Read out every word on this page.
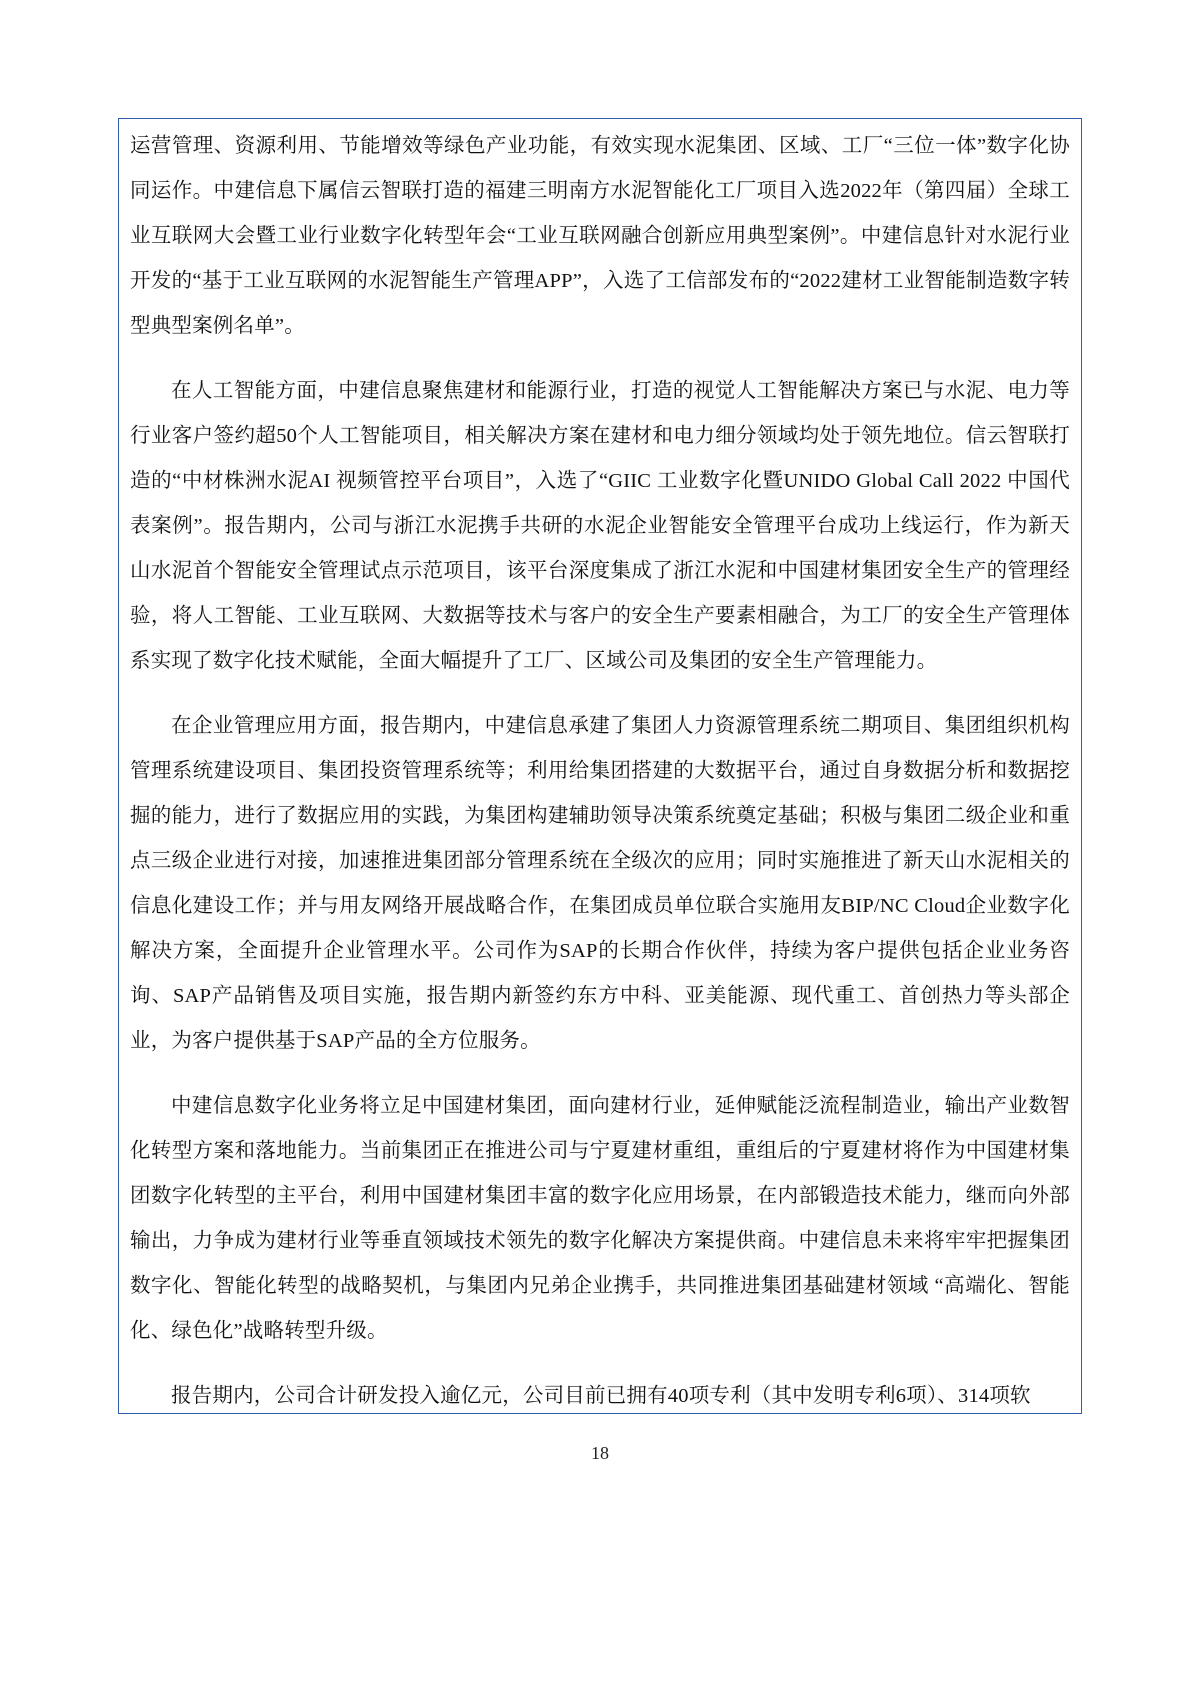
运营管理、资源利用、节能增效等绿色产业功能，有效实现水泥集团、区域、工厂“三位一体”数字化协同运作。中建信息下属信云智联打造的福建三明南方水泥智能化工厂项目入选2022年（第四届）全球工业互联网大会暨工业行业数字化转型年会“工业互联网融合创新应用典型案例”。中建信息针对水泥行业开发的“基于工业互联网的水泥智能生产管理APP”，入选了工信部发布的“2022建材工业智能制造数字转型典型案例名单”。

在人工智能方面，中建信息聚焦建材和能源行业，打造的视觉人工智能解决方案已与水泥、电力等行业客户签约超50个人工智能项目，相关解决方案在建材和电力细分领域均处于领先地位。信云智联打造的“中材株洲水泥AI 视频管控平台项目”，入选了“GIIC 工业数字化暨UNIDO Global Call 2022 中国代表案例”。报告期内，公司与浙江水泥携手共研的水泥企业智能安全管理平台成功上线运行，作为新天山水泥首个智能安全管理试点示范项目，该平台深度集成了浙江水泥和中国建材集团安全生产的管理经验，将人工智能、工业互联网、大数据等技术与客户的安全生产要素相融合，为工厂的安全生产管理体系实现了数字化技术赋能，全面大幅提升了工厂、区域公司及集团的安全生产管理能力。

在企业管理应用方面，报告期内，中建信息承建了集团人力资源管理系统二期项目、集团组织机构管理系统建设项目、集团投资管理系统等；利用给集团搭建的大数据平台，通过自身数据分析和数据挖掘的能力，进行了数据应用的实践，为集团构建辅助领导决策系统奠定基础；积极与集团二级企业和重点三级企业进行对接，加速推进集团部分管理系统在全级次的应用；同时实施推进了新天山水泥相关的信息化建设工作；并与用友网络开展战略合作，在集团成员单位联合实施用友BIP/NC Cloud企业数字化解决方案，全面提升企业管理水平。公司作为SAP的长期合作伙伴，持续为客户提供包括企业业务咨询、SAP产品销售及项目实施，报告期内新签约东方中科、亚美能源、现代重工、首创热力等头部企业，为客户提供基于SAP产品的全方位服务。

中建信息数字化业务将立足中国建材集团，面向建材行业，延伸赋能泛流程制造业，输出产业数智化转型方案和落地能力。当前集团正在推进公司与宁夏建材重组，重组后的宁夏建材将作为中国建材集团数字化转型的主平台，利用中国建材集团丰富的数字化应用场景，在内部锻造技术能力，继而向外部输出，力争成为建材行业等垂直领域技术领先的数字化解决方案提供商。中建信息未来将牢牢把握集团数字化、智能化转型的战略契机，与集团内兄弟企业携手，共同推进集团基础建材领域 “高端化、智能化、绿色化”战略转型升级。

报告期内，公司合计研发投入逾亿元，公司目前已拥有40项专利（其中发明专利6项）、314项软

18
